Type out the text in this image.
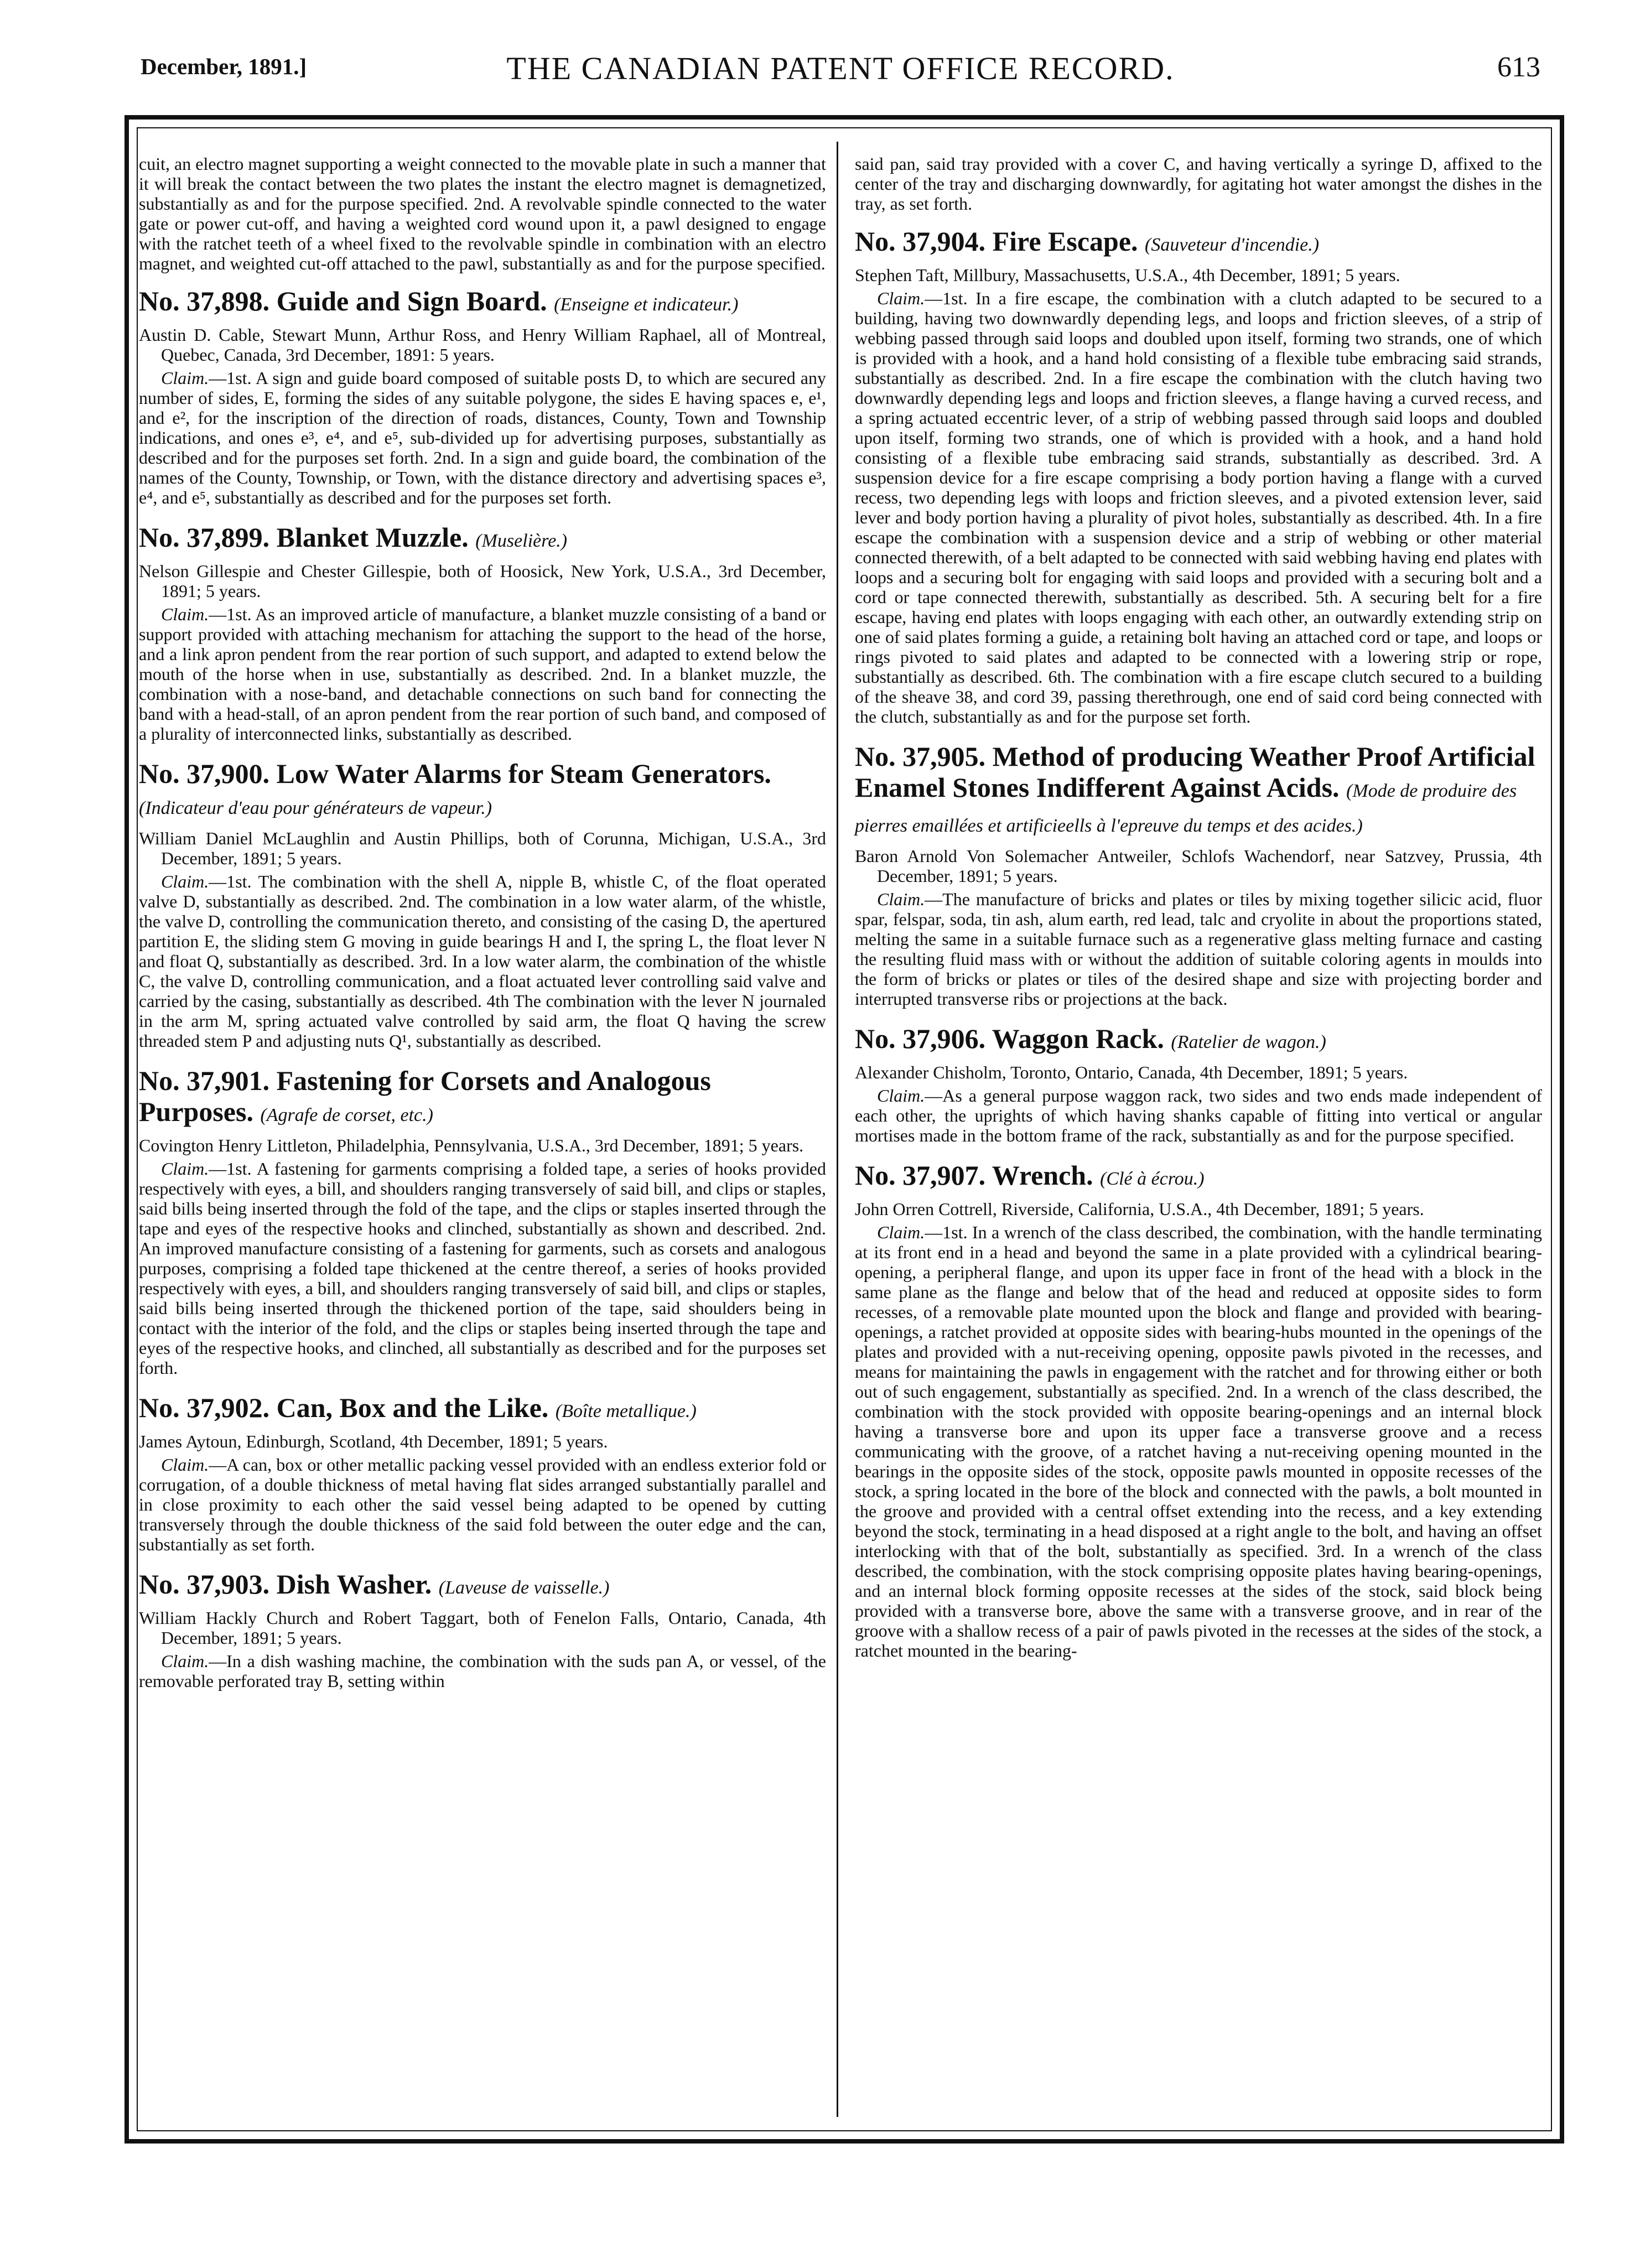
December, 1891.]	THE CANADIAN PATENT OFFICE RECORD.	613

cuit, an electro magnet supporting a weight connected to the movable plate in such a manner that it will break the contact between the two plates the instant the electro magnet is demagnetized, substantially as and for the purpose specified. 2nd. A revolvable spindle connected to the water gate or power cut-off, and having a weighted cord wound upon it, a pawl designed to engage with the ratchet teeth of a wheel fixed to the revolvable spindle in combination with an electro magnet, and weighted cut-off attached to the pawl, substantially as and for the purpose specified.

No. 37,898. Guide and Sign Board. (Enseigne et indicateur.)
Austin D. Cable, Stewart Munn, Arthur Ross, and Henry William Raphael, all of Montreal, Quebec, Canada, 3rd December, 1891: 5 years.
Claim.—1st. A sign and guide board composed of suitable posts D, to which are secured any number of sides, E, forming the sides of any suitable polygone, the sides E having spaces e, e¹, and e², for the inscription of the direction of roads, distances, County, Town and Township indications, and ones e³, e⁴, and e⁵, sub-divided up for advertising purposes, substantially as described and for the purposes set forth. 2nd. In a sign and guide board, the combination of the names of the County, Township, or Town, with the distance directory and advertising spaces e³, e⁴, and e⁵, substantially as described and for the purposes set forth.
No. 37,899. Blanket Muzzle. (Muselière.)
Nelson Gillespie and Chester Gillespie, both of Hoosick, New York, U.S.A., 3rd December, 1891; 5 years.
Claim.—1st. As an improved article of manufacture, a blanket muzzle consisting of a band or support provided with attaching mechanism for attaching the support to the head of the horse, and a link apron pendent from the rear portion of such support, and adapted to extend below the mouth of the horse when in use, substantially as described. 2nd. In a blanket muzzle, the combination with a nose-band, and detachable connections on such band for connecting the band with a head-stall, of an apron pendent from the rear portion of such band, and composed of a plurality of interconnected links, substantially as described.
No. 37,900. Low Water Alarms for Steam Generators. (Indicateur d'eau pour générateurs de vapeur.)
William Daniel McLaughlin and Austin Phillips, both of Corunna, Michigan, U.S.A., 3rd December, 1891; 5 years.
Claim.—1st. The combination with the shell A, nipple B, whistle C, of the float operated valve D, substantially as described. 2nd. The combination in a low water alarm, of the whistle, the valve D, controlling the communication thereto, and consisting of the casing D, the apertured partition E, the sliding stem G moving in guide bearings H and I, the spring L, the float lever N and float Q, substantially as described. 3rd. In a low water alarm, the combination of the whistle C, the valve D, controlling communication, and a float actuated lever controlling said valve and carried by the casing, substantially as described. 4th The combination with the lever N journaled in the arm M, spring actuated valve controlled by said arm, the float Q having the screw threaded stem P and adjusting nuts Q¹, substantially as described.
No. 37,901. Fastening for Corsets and Analogous Purposes. (Agrafe de corset, etc.)
Covington Henry Littleton, Philadelphia, Pennsylvania, U.S.A., 3rd December, 1891; 5 years.
Claim.—1st. A fastening for garments comprising a folded tape, a series of hooks provided respectively with eyes, a bill, and shoulders ranging transversely of said bill, and clips or staples, said bills being inserted through the fold of the tape, and the clips or staples inserted through the tape and eyes of the respective hooks and clinched, substantially as shown and described. 2nd. An improved manufacture consisting of a fastening for garments, such as corsets and analogous purposes, comprising a folded tape thickened at the centre thereof, a series of hooks provided respectively with eyes, a bill, and shoulders ranging transversely of said bill, and clips or staples, said bills being inserted through the thickened portion of the tape, said shoulders being in contact with the interior of the fold, and the clips or staples being inserted through the tape and eyes of the respective hooks, and clinched, all substantially as described and for the purposes set forth.
No. 37,902. Can, Box and the Like. (Boîte metallique.)
James Aytoun, Edinburgh, Scotland, 4th December, 1891; 5 years.
Claim.—A can, box or other metallic packing vessel provided with an endless exterior fold or corrugation, of a double thickness of metal having flat sides arranged substantially parallel and in close proximity to each other the said vessel being adapted to be opened by cutting transversely through the double thickness of the said fold between the outer edge and the can, substantially as set forth.
No. 37,903. Dish Washer. (Laveuse de vaisselle.)
William Hackly Church and Robert Taggart, both of Fenelon Falls, Ontario, Canada, 4th December, 1891; 5 years.
Claim.—In a dish washing machine, the combination with the suds pan A, or vessel, of the removable perforated tray B, setting within

said pan, said tray provided with a cover C, and having vertically a syringe D, affixed to the center of the tray and discharging downwardly, for agitating hot water amongst the dishes in the tray, as set forth.

No. 37,904. Fire Escape. (Sauveteur d'incendie.)
Stephen Taft, Millbury, Massachusetts, U.S.A., 4th December, 1891; 5 years.
Claim.—1st. In a fire escape, the combination with a clutch adapted to be secured to a building, having two downwardly depending legs, and loops and friction sleeves, of a strip of webbing passed through said loops and doubled upon itself, forming two strands, one of which is provided with a hook, and a hand hold consisting of a flexible tube embracing said strands, substantially as described. 2nd. In a fire escape the combination with the clutch having two downwardly depending legs and loops and friction sleeves, a flange having a curved recess, and a spring actuated eccentric lever, of a strip of webbing passed through said loops and doubled upon itself, forming two strands, one of which is provided with a hook, and a hand hold consisting of a flexible tube embracing said strands, substantially as described. 3rd. A suspension device for a fire escape comprising a body portion having a flange with a curved recess, two depending legs with loops and friction sleeves, and a pivoted extension lever, said lever and body portion having a plurality of pivot holes, substantially as described. 4th. In a fire escape the combination with a suspension device and a strip of webbing or other material connected therewith, of a belt adapted to be connected with said webbing having end plates with loops and a securing bolt for engaging with said loops and provided with a securing bolt and a cord or tape connected therewith, substantially as described. 5th. A securing belt for a fire escape, having end plates with loops engaging with each other, an outwardly extending strip on one of said plates forming a guide, a retaining bolt having an attached cord or tape, and loops or rings pivoted to said plates and adapted to be connected with a lowering strip or rope, substantially as described. 6th. The combination with a fire escape clutch secured to a building of the sheave 38, and cord 39, passing therethrough, one end of said cord being connected with the clutch, substantially as and for the purpose set forth.
No. 37,905. Method of producing Weather Proof Artificial Enamel Stones Indifferent Against Acids. (Mode de produire des pierres emaillées et artificieells à l'epreuve du temps et des acides.)
Baron Arnold Von Solemacher Antweiler, Schlofs Wachendorf, near Satzvey, Prussia, 4th December, 1891; 5 years.
Claim.—The manufacture of bricks and plates or tiles by mixing together silicic acid, fluor spar, felspar, soda, tin ash, alum earth, red lead, talc and cryolite in about the proportions stated, melting the same in a suitable furnace such as a regenerative glass melting furnace and casting the resulting fluid mass with or without the addition of suitable coloring agents in moulds into the form of bricks or plates or tiles of the desired shape and size with projecting border and interrupted transverse ribs or projections at the back.
No. 37,906. Waggon Rack. (Ratelier de wagon.)
Alexander Chisholm, Toronto, Ontario, Canada, 4th December, 1891; 5 years.
Claim.—As a general purpose waggon rack, two sides and two ends made independent of each other, the uprights of which having shanks capable of fitting into vertical or angular mortises made in the bottom frame of the rack, substantially as and for the purpose specified.
No. 37,907. Wrench. (Clé à écrou.)
John Orren Cottrell, Riverside, California, U.S.A., 4th December, 1891; 5 years.
Claim.—1st. In a wrench of the class described, the combination, with the handle terminating at its front end in a head and beyond the same in a plate provided with a cylindrical bearing-opening, a peripheral flange, and upon its upper face in front of the head with a block in the same plane as the flange and below that of the head and reduced at opposite sides to form recesses, of a removable plate mounted upon the block and flange and provided with bearing-openings, a ratchet provided at opposite sides with bearing-hubs mounted in the openings of the plates and provided with a nut-receiving opening, opposite pawls pivoted in the recesses, and means for maintaining the pawls in engagement with the ratchet and for throwing either or both out of such engagement, substantially as specified. 2nd. In a wrench of the class described, the combination with the stock provided with opposite bearing-openings and an internal block having a transverse bore and upon its upper face a transverse groove and a recess communicating with the groove, of a ratchet having a nut-receiving opening mounted in the bearings in the opposite sides of the stock, opposite pawls mounted in opposite recesses of the stock, a spring located in the bore of the block and connected with the pawls, a bolt mounted in the groove and provided with a central offset extending into the recess, and a key extending beyond the stock, terminating in a head disposed at a right angle to the bolt, and having an offset interlocking with that of the bolt, substantially as specified. 3rd. In a wrench of the class described, the combination, with the stock comprising opposite plates having bearing-openings, and an internal block forming opposite recesses at the sides of the stock, said block being provided with a transverse bore, above the same with a transverse groove, and in rear of the groove with a shallow recess of a pair of pawls pivoted in the recesses at the sides of the stock, a ratchet mounted in the bearing-
